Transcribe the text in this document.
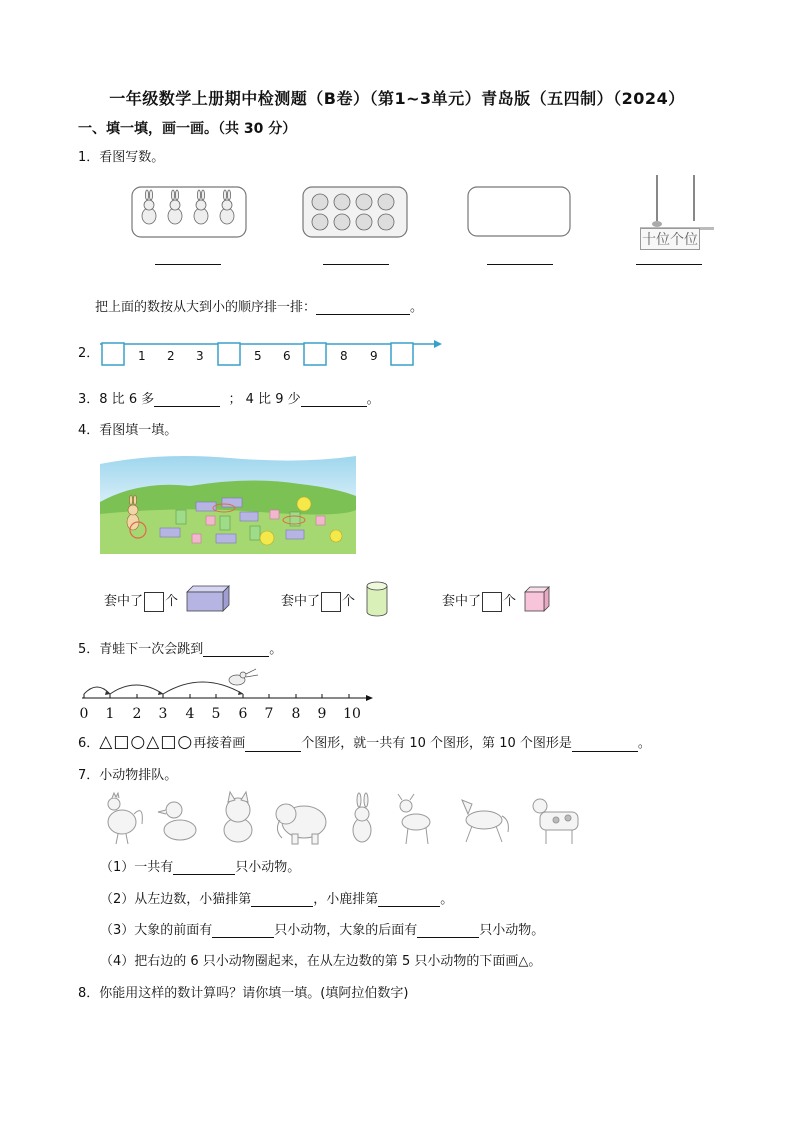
一年级数学上册期中检测题（B卷）（第1~3单元）青岛版（五四制）（2024）
一、填一填，画一画。（共 30 分）
1．看图写数。
十位个位
把上面的数按从大到小的顺序排一排：	。
2．	1 2 3	5 6	8 9
3．8 比 6 多	； 4 比 9 少	。
4．看图填一填。
套中了 个	套中了 个	套中了 个
5．青蛙下一次会跳到	。
0 1 2 3 4 5 6 7 8 9 10
6．△□○△□○再接着画	个图形，就一共有 10 个图形，第 10 个图形是	。
7．小动物排队。
（1）一共有	只小动物。
（2）从左边数，小猫排第	，小鹿排第	。
（3）大象的前面有	只小动物，大象的后面有	只小动物。
（4）把右边的 6 只小动物圈起来，在从左边数的第 5 只小动物的下面画△。
8．你能用这样的数计算吗？请你填一填。(填阿拉伯数字)
